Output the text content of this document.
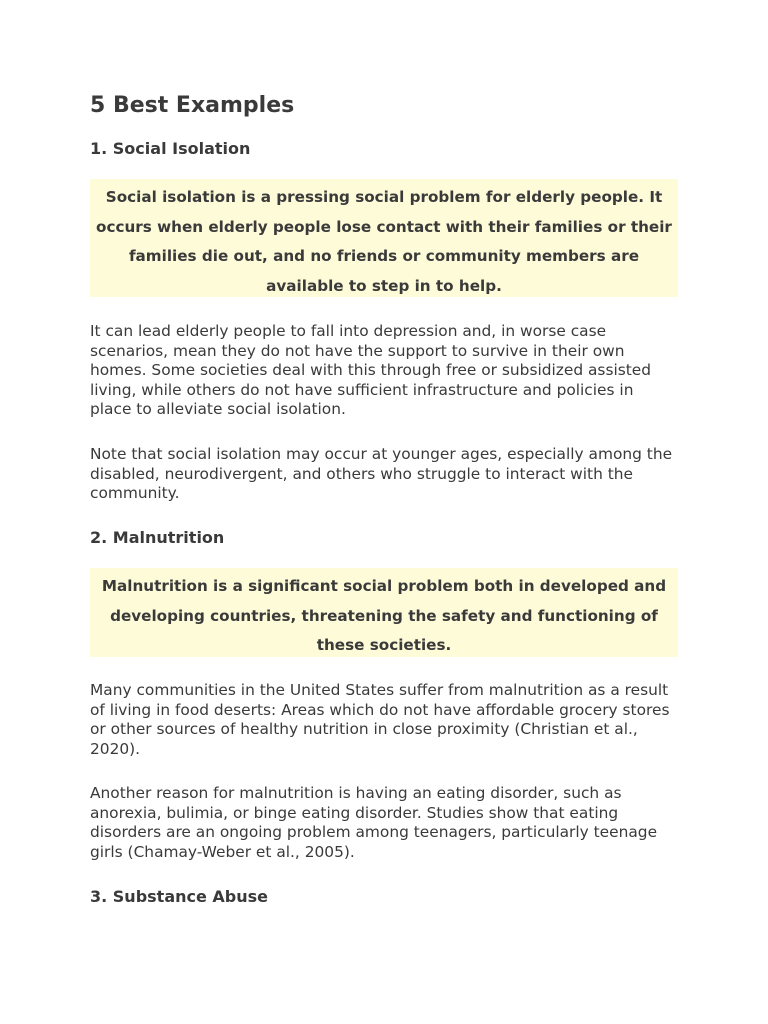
5 Best Examples
1. Social Isolation
Social isolation is a pressing social problem for elderly people. It occurs when elderly people lose contact with their families or their families die out, and no friends or community members are available to step in to help.

It can lead elderly people to fall into depression and, in worse case scenarios, mean they do not have the support to survive in their own homes. Some societies deal with this through free or subsidized assisted living, while others do not have sufficient infrastructure and policies in place to alleviate social isolation.

Note that social isolation may occur at younger ages, especially among the disabled, neurodivergent, and others who struggle to interact with the community.

2. Malnutrition
Malnutrition is a significant social problem both in developed and developing countries, threatening the safety and functioning of these societies.

Many communities in the United States suffer from malnutrition as a result of living in food deserts: Areas which do not have affordable grocery stores or other sources of healthy nutrition in close proximity (Christian et al., 2020).

Another reason for malnutrition is having an eating disorder, such as anorexia, bulimia, or binge eating disorder. Studies show that eating disorders are an ongoing problem among teenagers, particularly teenage girls (Chamay-Weber et al., 2005).

3. Substance Abuse
